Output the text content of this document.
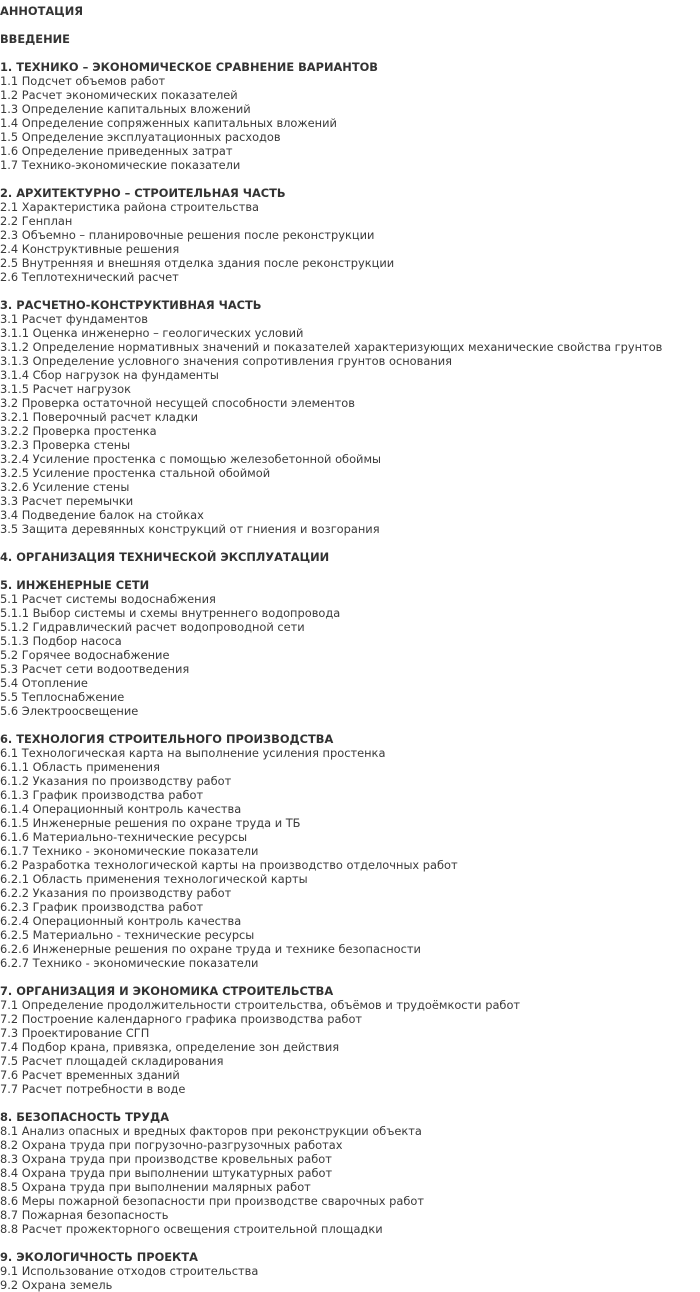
АННОТАЦИЯ
ВВЕДЕНИЕ
1. ТЕХНИКО – ЭКОНОМИЧЕСКОЕ СРАВНЕНИЕ ВАРИАНТОВ
1.1 Подсчет объемов работ
1.2 Расчет экономических показателей
1.3 Определение капитальных вложений
1.4 Определение сопряженных капитальных вложений
1.5 Определение эксплуатационных расходов
1.6 Определение приведенных затрат
1.7 Технико-экономические показатели
2. АРХИТЕКТУРНО – СТРОИТЕЛЬНАЯ ЧАСТЬ
2.1 Характеристика района строительства
2.2 Генплан
2.3 Объемно – планировочные решения после реконструкции
2.4 Конструктивные решения
2.5 Внутренняя и внешняя отделка здания после реконструкции
2.6 Теплотехнический расчет
3. РАСЧЕТНО-КОНСТРУКТИВНАЯ ЧАСТЬ
3.1 Расчет фундаментов
3.1.1 Оценка инженерно – геологических условий
3.1.2 Определение нормативных значений и показателей характеризующих механические свойства грунтов
3.1.3 Определение условного значения сопротивления грунтов основания
3.1.4 Сбор нагрузок на фундаменты
3.1.5 Расчет нагрузок
3.2 Проверка остаточной несущей способности элементов
3.2.1 Поверочный расчет кладки
3.2.2 Проверка простенка
3.2.3 Проверка стены
3.2.4 Усиление простенка с помощью железобетонной обоймы
3.2.5 Усиление простенка стальной обоймой
3.2.6 Усиление стены
3.3 Расчет перемычки
3.4 Подведение балок на стойках
3.5 Защита деревянных конструкций от гниения и возгорания
4. ОРГАНИЗАЦИЯ ТЕХНИЧЕСКОЙ ЭКСПЛУАТАЦИИ
5. ИНЖЕНЕРНЫЕ СЕТИ
5.1 Расчет системы водоснабжения
5.1.1 Выбор системы и схемы внутреннего водопровода
5.1.2 Гидравлический расчет водопроводной сети
5.1.3 Подбор насоса
5.2 Горячее водоснабжение
5.3 Расчет сети водоотведения
5.4 Отопление
5.5 Теплоснабжение
5.6 Электроосвещение
6. ТЕХНОЛОГИЯ СТРОИТЕЛЬНОГО ПРОИЗВОДСТВА
6.1 Технологическая карта на выполнение усиления простенка
6.1.1 Область применения
6.1.2 Указания по производству работ
6.1.3 График производства работ
6.1.4 Операционный контроль качества
6.1.5 Инженерные решения по охране труда и ТБ
6.1.6 Материально-технические ресурсы
6.1.7 Технико - экономические показатели
6.2 Разработка технологической карты на производство отделочных работ
6.2.1 Область применения технологической карты
6.2.2 Указания по производству работ
6.2.3 График производства работ
6.2.4 Операционный контроль качества
6.2.5 Материально - технические ресурсы
6.2.6 Инженерные решения по охране труда и технике безопасности
6.2.7 Технико - экономические показатели
7. ОРГАНИЗАЦИЯ И ЭКОНОМИКА СТРОИТЕЛЬСТВА
7.1 Определение продолжительности строительства, объёмов и трудоёмкости работ
7.2 Построение календарного графика производства работ
7.3 Проектирование СГП
7.4 Подбор крана, привязка, определение зон действия
7.5 Расчет площадей складирования
7.6 Расчет временных зданий
7.7 Расчет потребности в воде
8. БЕЗОПАСНОСТЬ ТРУДА
8.1 Анализ опасных и вредных факторов при реконструкции объекта
8.2 Охрана труда при погрузочно-разгрузочных работах
8.3 Охрана труда при производстве кровельных работ
8.4 Охрана труда при выполнении штукатурных работ
8.5 Охрана труда при выполнении малярных работ
8.6 Меры пожарной безопасности при производстве сварочных работ
8.7 Пожарная безопасность
8.8 Расчет прожекторного освещения строительной площадки
9. ЭКОЛОГИЧНОСТЬ ПРОЕКТА
9.1 Использование отходов строительства
9.2 Охрана земель
